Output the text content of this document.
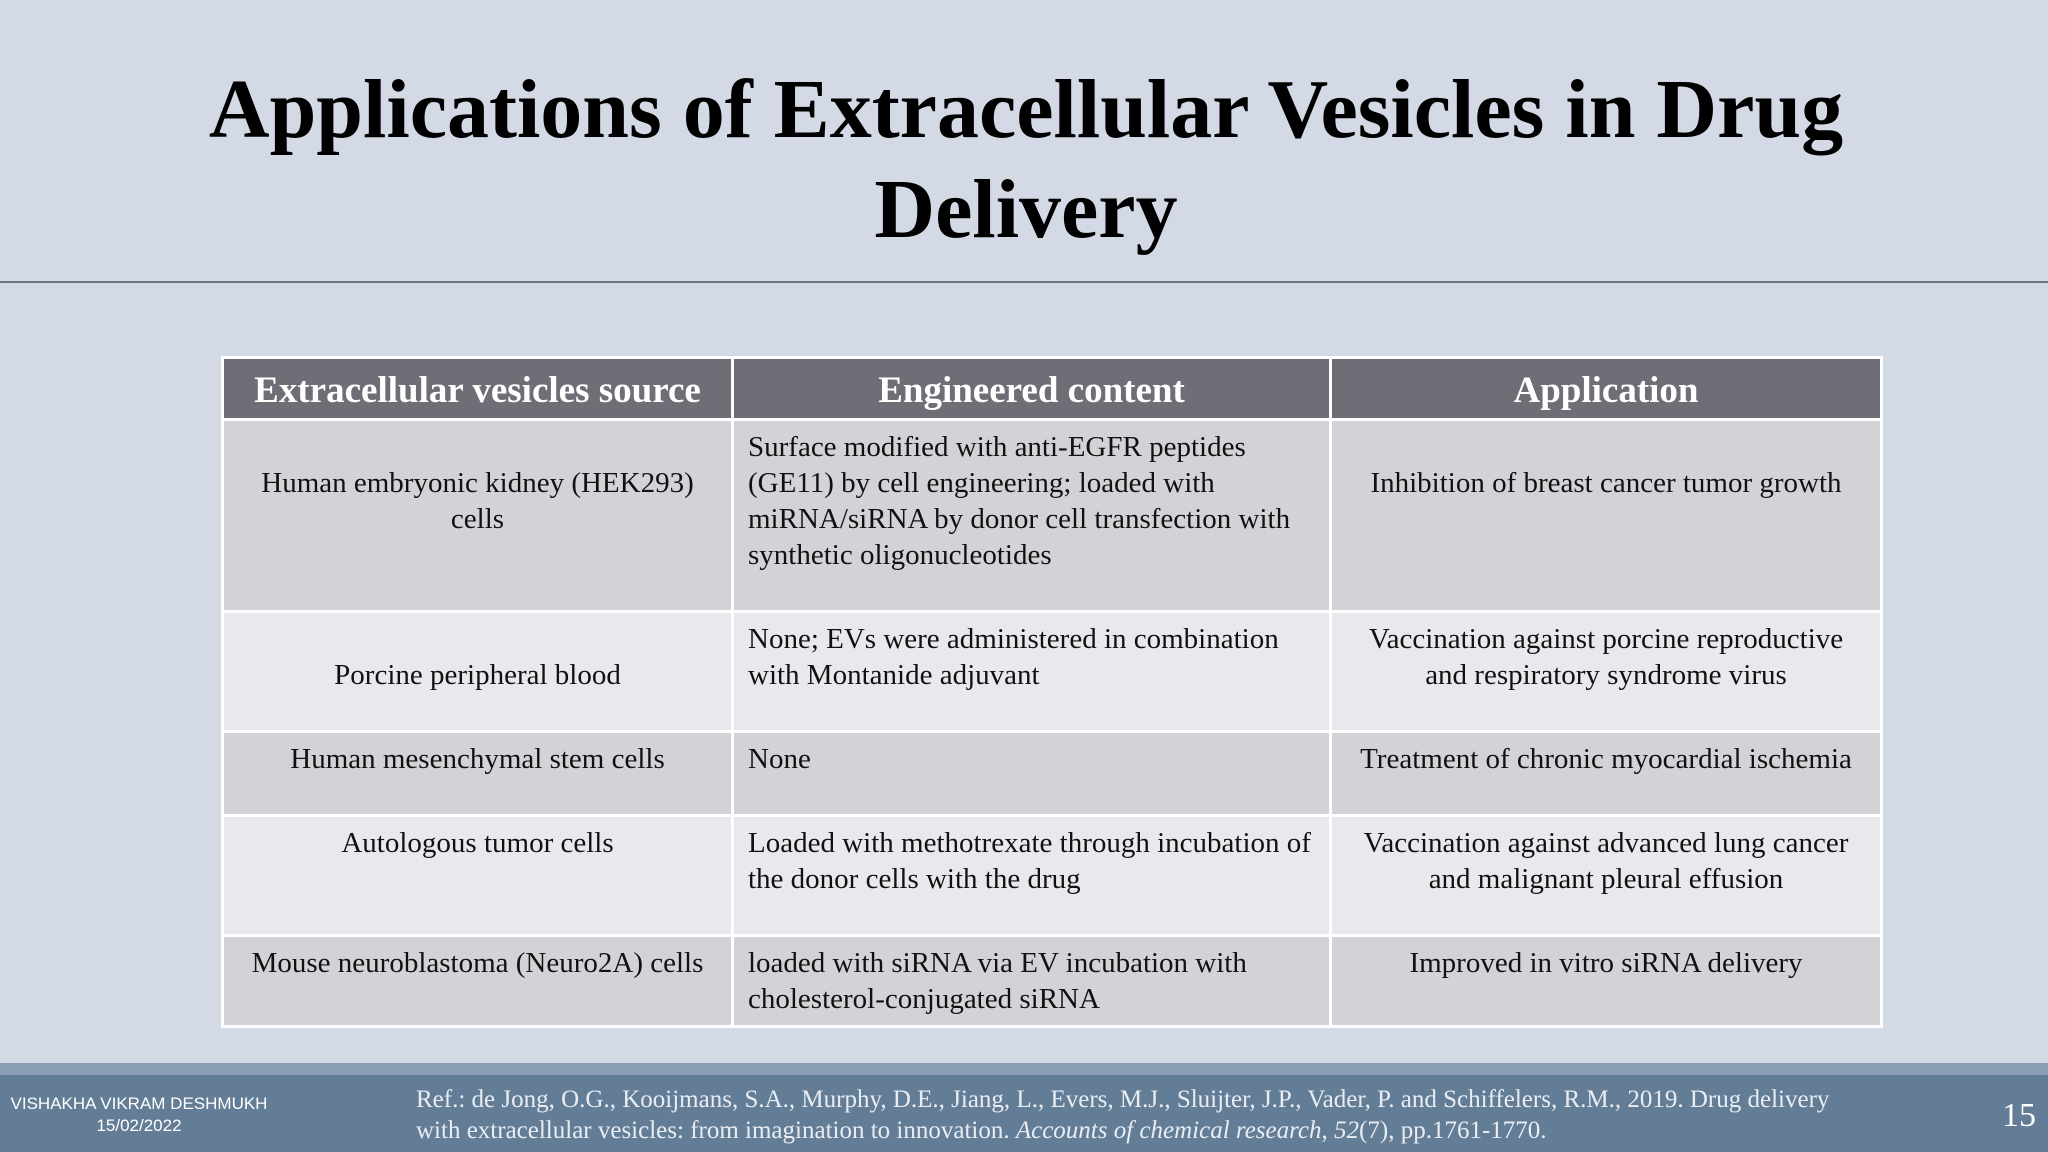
Applications of Extracellular Vesicles in Drug Delivery
Extracellular vesicles source	Engineered content	Application
Human embryonic kidney (HEK293) cells	Surface modified with anti-EGFR peptides (GE11) by cell engineering; loaded with miRNA/siRNA by donor cell transfection with synthetic oligonucleotides	Inhibition of breast cancer tumor growth
Porcine peripheral blood	None; EVs were administered in combination with Montanide adjuvant	Vaccination against porcine reproductive and respiratory syndrome virus
Human mesenchymal stem cells	None	Treatment of chronic myocardial ischemia
Autologous tumor cells	Loaded with methotrexate through incubation of the donor cells with the drug	Vaccination against advanced lung cancer and malignant pleural effusion
Mouse neuroblastoma (Neuro2A) cells	loaded with siRNA via EV incubation with cholesterol-conjugated siRNA	Improved in vitro siRNA delivery
VISHAKHA VIKRAM DESHMUKH
15/02/2022
Ref.: de Jong, O.G., Kooijmans, S.A., Murphy, D.E., Jiang, L., Evers, M.J., Sluijter, J.P., Vader, P. and Schiffelers, R.M., 2019. Drug delivery with extracellular vesicles: from imagination to innovation. Accounts of chemical research, 52(7), pp.1761-1770.	15
